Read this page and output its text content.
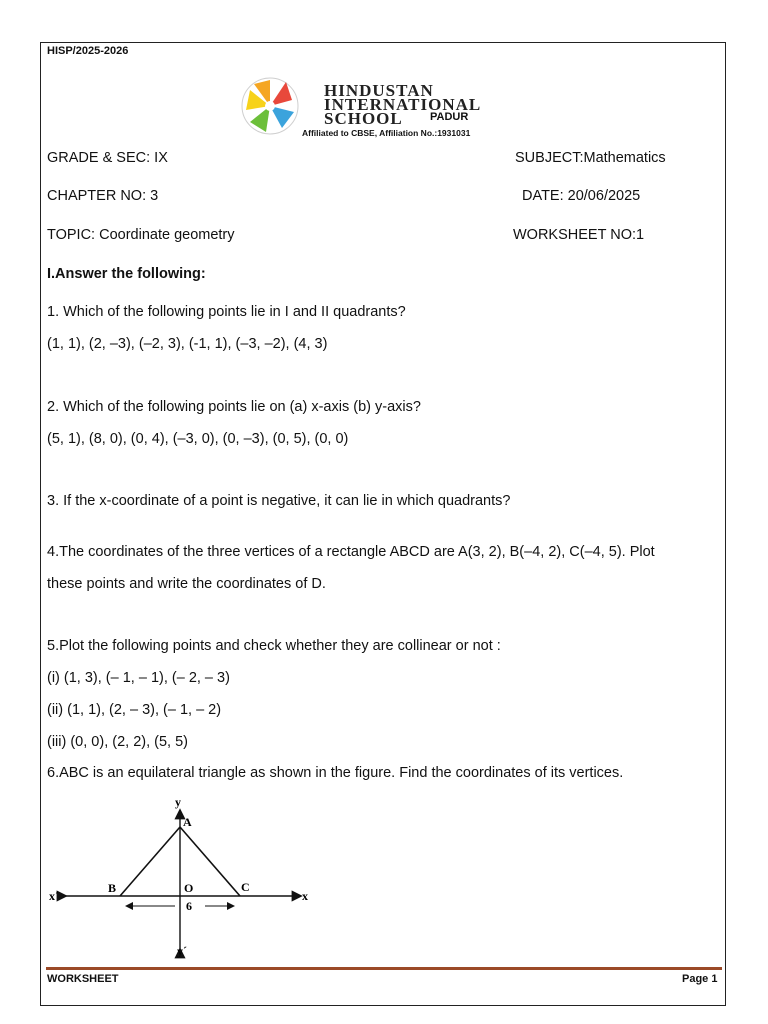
HISP/2025-2026
HINDUSTAN
INTERNATIONAL
SCHOOL PADUR
Affiliated to CBSE, Affiliation No.:1931031
GRADE & SEC: IX	SUBJECT:Mathematics
CHAPTER NO: 3	DATE: 20/06/2025
TOPIC: Coordinate geometry	WORKSHEET NO:1
I.Answer the following:
1. Which of the following points lie in I and II quadrants?
(1, 1), (2, –3), (–2, 3), (-1, 1), (–3, –2), (4, 3)
2. Which of the following points lie on (a) x-axis (b) y-axis?
(5, 1), (8, 0), (0, 4), (–3, 0), (0, –3), (0, 5), (0, 0)
3. If the x-coordinate of a point is negative, it can lie in which quadrants?
4.The coordinates of the three vertices of a rectangle ABCD are A(3, 2), B(–4, 2), C(–4, 5). Plot
these points and write the coordinates of D.
5.Plot the following points and check whether they are collinear or not :
(i) (1, 3), (– 1, – 1), (– 2, – 3)
(ii) (1, 1), (2, – 3), (– 1, – 2)
(iii) (0, 0), (2, 2), (5, 5)
6.ABC is an equilateral triangle as shown in the figure. Find the coordinates of its vertices.
y
y´
x
x´
A
B	C
O
6
WORKSHEET	Page 1
